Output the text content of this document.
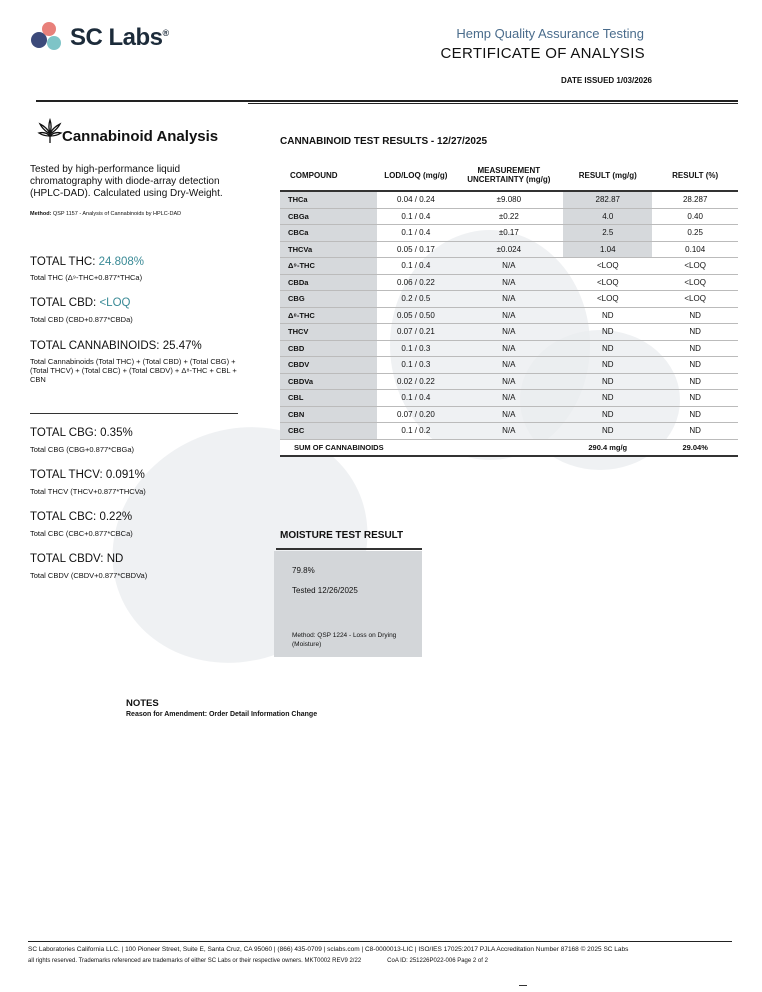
SC Labs®	Hemp Quality Assurance Testing
CERTIFICATE OF ANALYSIS
DATE ISSUED 1/03/2026
Cannabinoid Analysis
Tested by high-performance liquid chromatography with diode-array detection (HPLC-DAD). Calculated using Dry-Weight.
Method: QSP 1157 - Analysis of Cannabinoids by HPLC-DAD
TOTAL THC: 24.808%
Total THC (Δ⁹-THC+0.877*THCa)
TOTAL CBD: <LOQ
Total CBD (CBD+0.877*CBDa)
TOTAL CANNABINOIDS: 25.47%
Total Cannabinoids (Total THC) + (Total CBD) + (Total CBG) + (Total THCV) + (Total CBC) + (Total CBDV) + Δ⁸-THC + CBL + CBN
TOTAL CBG: 0.35%
Total CBG (CBG+0.877*CBGa)
TOTAL THCV: 0.091%
Total THCV (THCV+0.877*THCVa)
TOTAL CBC: 0.22%
Total CBC (CBC+0.877*CBCa)
TOTAL CBDV: ND
Total CBDV (CBDV+0.877*CBDVa)
CANNABINOID TEST RESULTS - 12/27/2025
COMPOUND	LOD/LOQ (mg/g)	MEASUREMENT UNCERTAINTY (mg/g)	RESULT (mg/g)	RESULT (%)
THCa	0.04 / 0.24	±9.080	282.87	28.287
CBGa	0.1 / 0.4	±0.22	4.0	0.40
CBCa	0.1 / 0.4	±0.17	2.5	0.25
THCVa	0.05 / 0.17	±0.024	1.04	0.104
Δ⁹-THC	0.1 / 0.4	N/A	<LOQ	<LOQ
CBDa	0.06 / 0.22	N/A	<LOQ	<LOQ
CBG	0.2 / 0.5	N/A	<LOQ	<LOQ
Δ⁸-THC	0.05 / 0.50	N/A	ND	ND
THCV	0.07 / 0.21	N/A	ND	ND
CBD	0.1 / 0.3	N/A	ND	ND
CBDV	0.1 / 0.3	N/A	ND	ND
CBDVa	0.02 / 0.22	N/A	ND	ND
CBL	0.1 / 0.4	N/A	ND	ND
CBN	0.07 / 0.20	N/A	ND	ND
CBC	0.1 / 0.2	N/A	ND	ND
SUM OF CANNABINOIDS			290.4 mg/g	29.04%
MOISTURE TEST RESULT
79.8%
Tested 12/26/2025
Method: QSP 1224 - Loss on Drying (Moisture)
NOTES
Reason for Amendment: Order Detail Information Change
SC Laboratories California LLC. | 100 Pioneer Street, Suite E, Santa Cruz, CA 95060 | (866) 435-0709 | sclabs.com | C8-0000013-LIC | ISO/IES 17025:2017 PJLA Accreditation Number 87168 © 2025 SC Labs
all rights reserved. Trademarks referenced are trademarks of either SC Labs or their respective owners. MKT0002 REV9 2/22	CoA ID: 251226P022-006 Page 2 of 2
